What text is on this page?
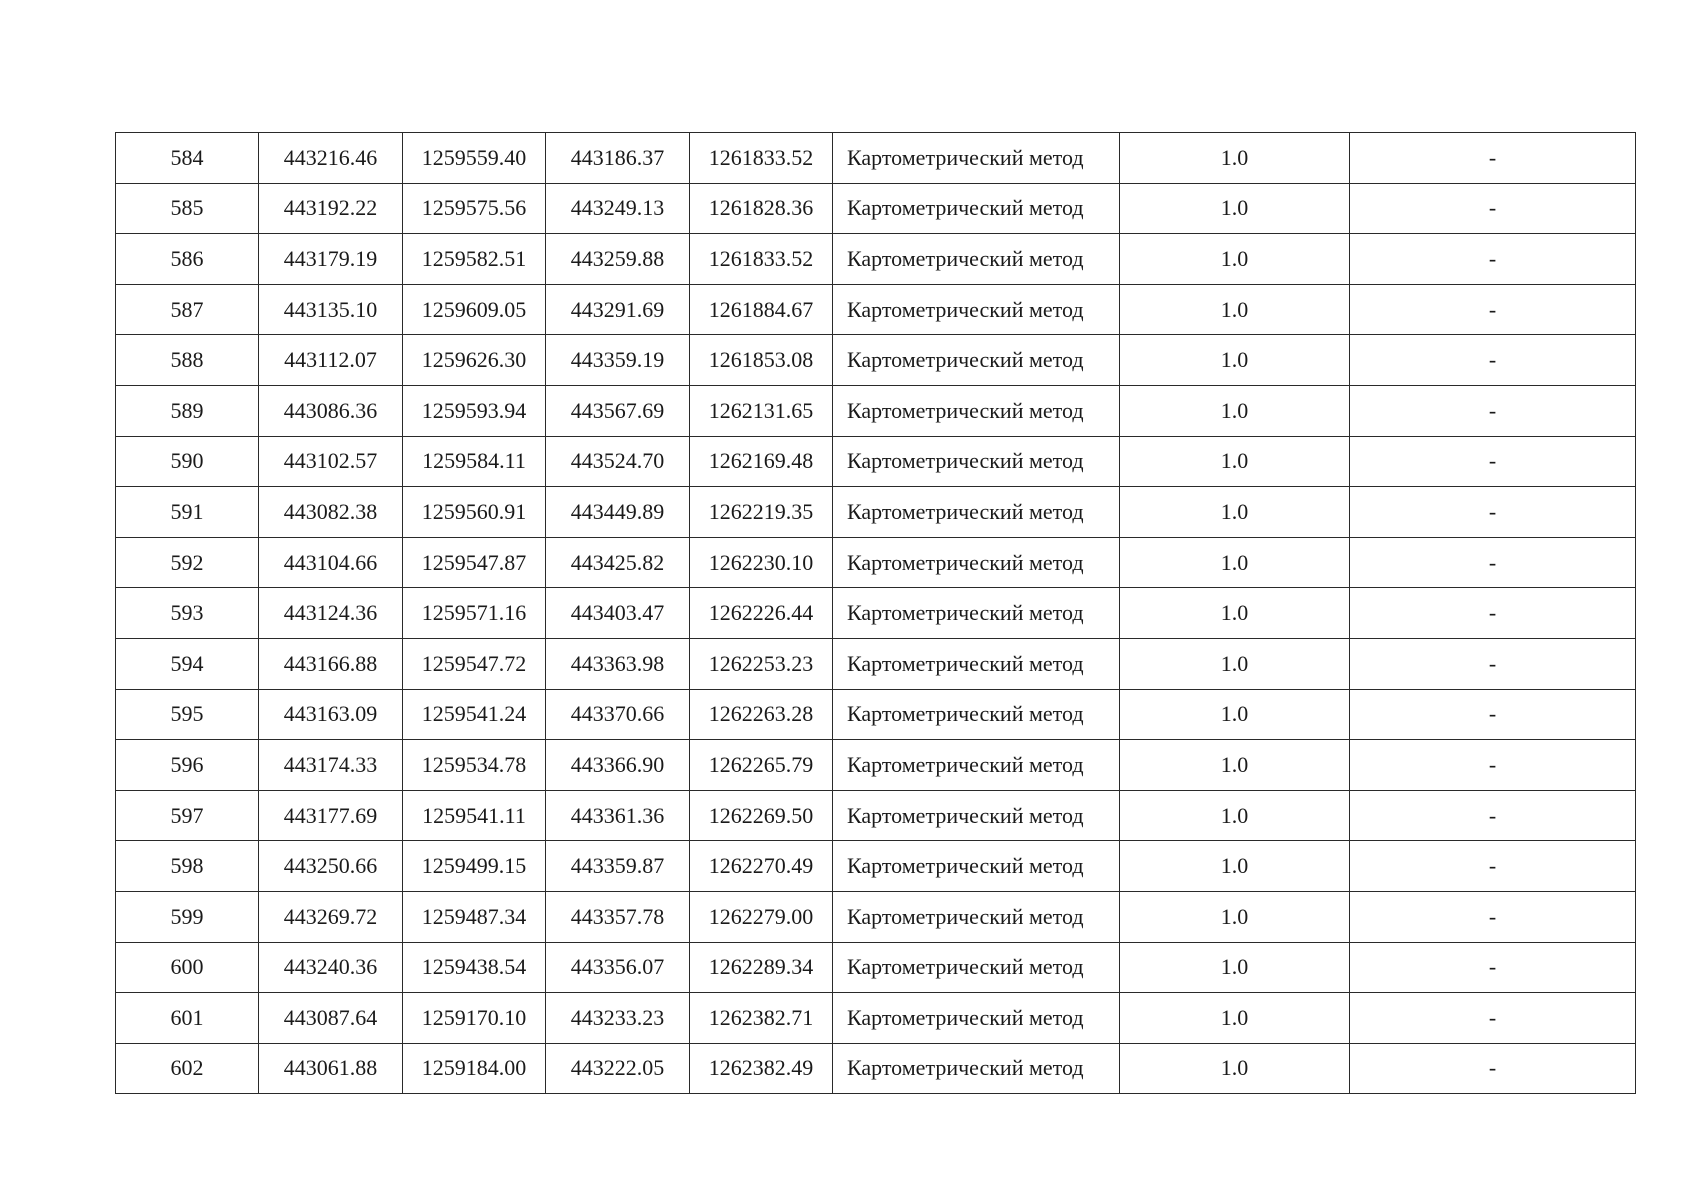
584	443216.46	1259559.40	443186.37	1261833.52	Картометрический метод	1.0	-
585	443192.22	1259575.56	443249.13	1261828.36	Картометрический метод	1.0	-
586	443179.19	1259582.51	443259.88	1261833.52	Картометрический метод	1.0	-
587	443135.10	1259609.05	443291.69	1261884.67	Картометрический метод	1.0	-
588	443112.07	1259626.30	443359.19	1261853.08	Картометрический метод	1.0	-
589	443086.36	1259593.94	443567.69	1262131.65	Картометрический метод	1.0	-
590	443102.57	1259584.11	443524.70	1262169.48	Картометрический метод	1.0	-
591	443082.38	1259560.91	443449.89	1262219.35	Картометрический метод	1.0	-
592	443104.66	1259547.87	443425.82	1262230.10	Картометрический метод	1.0	-
593	443124.36	1259571.16	443403.47	1262226.44	Картометрический метод	1.0	-
594	443166.88	1259547.72	443363.98	1262253.23	Картометрический метод	1.0	-
595	443163.09	1259541.24	443370.66	1262263.28	Картометрический метод	1.0	-
596	443174.33	1259534.78	443366.90	1262265.79	Картометрический метод	1.0	-
597	443177.69	1259541.11	443361.36	1262269.50	Картометрический метод	1.0	-
598	443250.66	1259499.15	443359.87	1262270.49	Картометрический метод	1.0	-
599	443269.72	1259487.34	443357.78	1262279.00	Картометрический метод	1.0	-
600	443240.36	1259438.54	443356.07	1262289.34	Картометрический метод	1.0	-
601	443087.64	1259170.10	443233.23	1262382.71	Картометрический метод	1.0	-
602	443061.88	1259184.00	443222.05	1262382.49	Картометрический метод	1.0	-
